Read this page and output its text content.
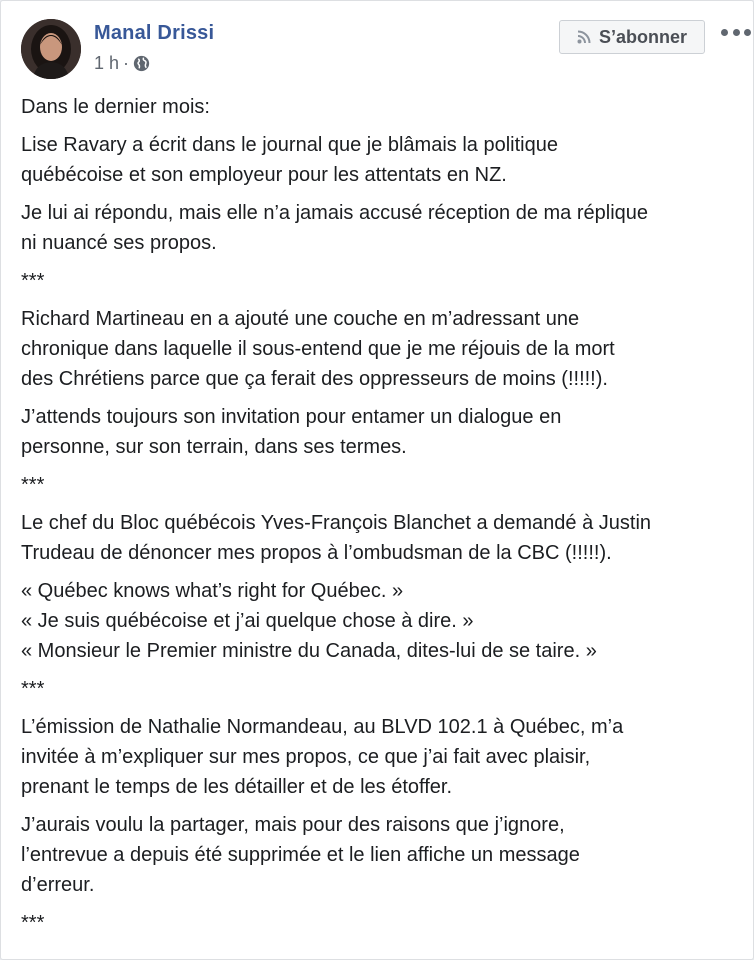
Manal Drissi
1 h ·
S’abonner

Dans le dernier mois:

Lise Ravary a écrit dans le journal que je blâmais la politique
québécoise et son employeur pour les attentats en NZ.

Je lui ai répondu, mais elle n’a jamais accusé réception de ma réplique
ni nuancé ses propos.

***

Richard Martineau en a ajouté une couche en m’adressant une
chronique dans laquelle il sous-entend que je me réjouis de la mort
des Chrétiens parce que ça ferait des oppresseurs de moins (!!!!!).

J’attends toujours son invitation pour entamer un dialogue en
personne, sur son terrain, dans ses termes.

***

Le chef du Bloc québécois Yves-François Blanchet a demandé à Justin
Trudeau de dénoncer mes propos à l’ombudsman de la CBC (!!!!!).

« Québec knows what’s right for Québec. »
« Je suis québécoise et j’ai quelque chose à dire. »
« Monsieur le Premier ministre du Canada, dites-lui de se taire. »

***

L’émission de Nathalie Normandeau, au BLVD 102.1 à Québec, m’a
invitée à m’expliquer sur mes propos, ce que j’ai fait avec plaisir,
prenant le temps de les détailler et de les étoffer.

J’aurais voulu la partager, mais pour des raisons que j’ignore,
l’entrevue a depuis été supprimée et le lien affiche un message
d’erreur.

***
